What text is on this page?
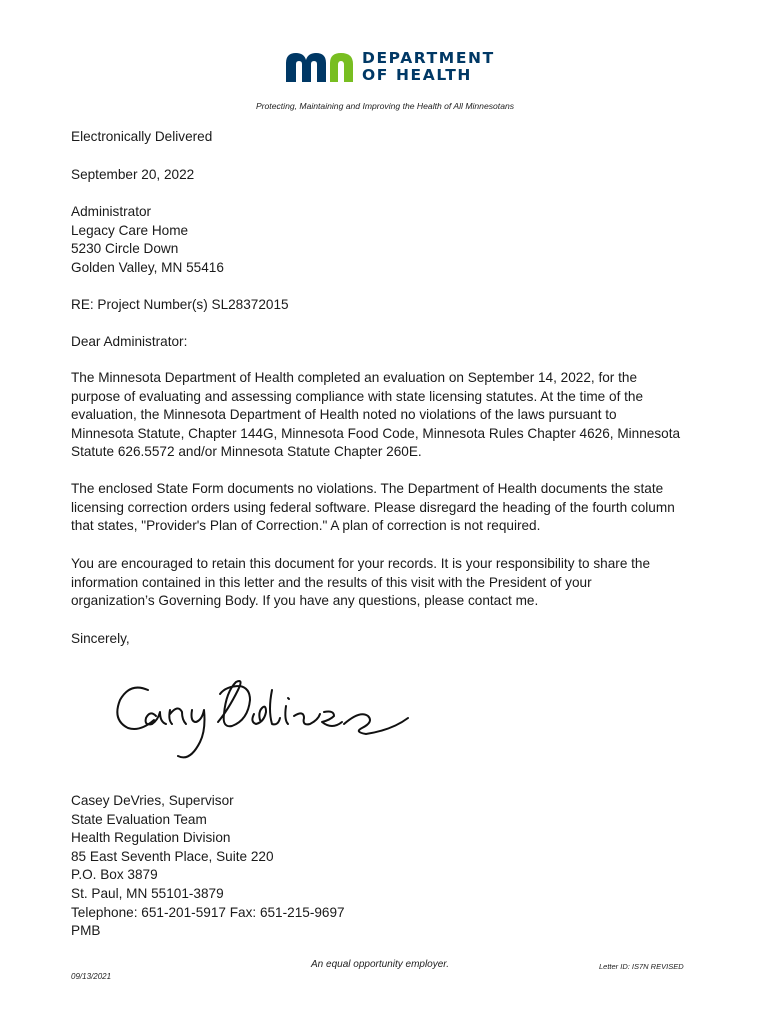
DEPARTMENT
OF HEALTH
Protecting, Maintaining and Improving the Health of All Minnesotans

Electronically Delivered

September 20, 2022

Administrator
Legacy Care Home
5230 Circle Down
Golden Valley, MN 55416

RE: Project Number(s) SL28372015

Dear Administrator:

The Minnesota Department of Health completed an evaluation on September 14, 2022, for the
purpose of evaluating and assessing compliance with state licensing statutes. At the time of the
evaluation, the Minnesota Department of Health noted no violations of the laws pursuant to
Minnesota Statute, Chapter 144G, Minnesota Food Code, Minnesota Rules Chapter 4626, Minnesota
Statute 626.5572 and/or Minnesota Statute Chapter 260E.
The enclosed State Form documents no violations. The Department of Health documents the state
licensing correction orders using federal software. Please disregard the heading of the fourth column
that states, "Provider's Plan of Correction." A plan of correction is not required.
You are encouraged to retain this document for your records. It is your responsibility to share the
information contained in this letter and the results of this visit with the President of your
organization’s Governing Body. If you have any questions, please contact me.

Sincerely,

Casey DeVries, Supervisor
State Evaluation Team
Health Regulation Division
85 East Seventh Place, Suite 220
P.O. Box 3879
St. Paul, MN 55101-3879
Telephone: 651-201-5917 Fax: 651-215-9697
PMB
An equal opportunity employer.	Letter ID: IS7N REVISED
09/13/2021
